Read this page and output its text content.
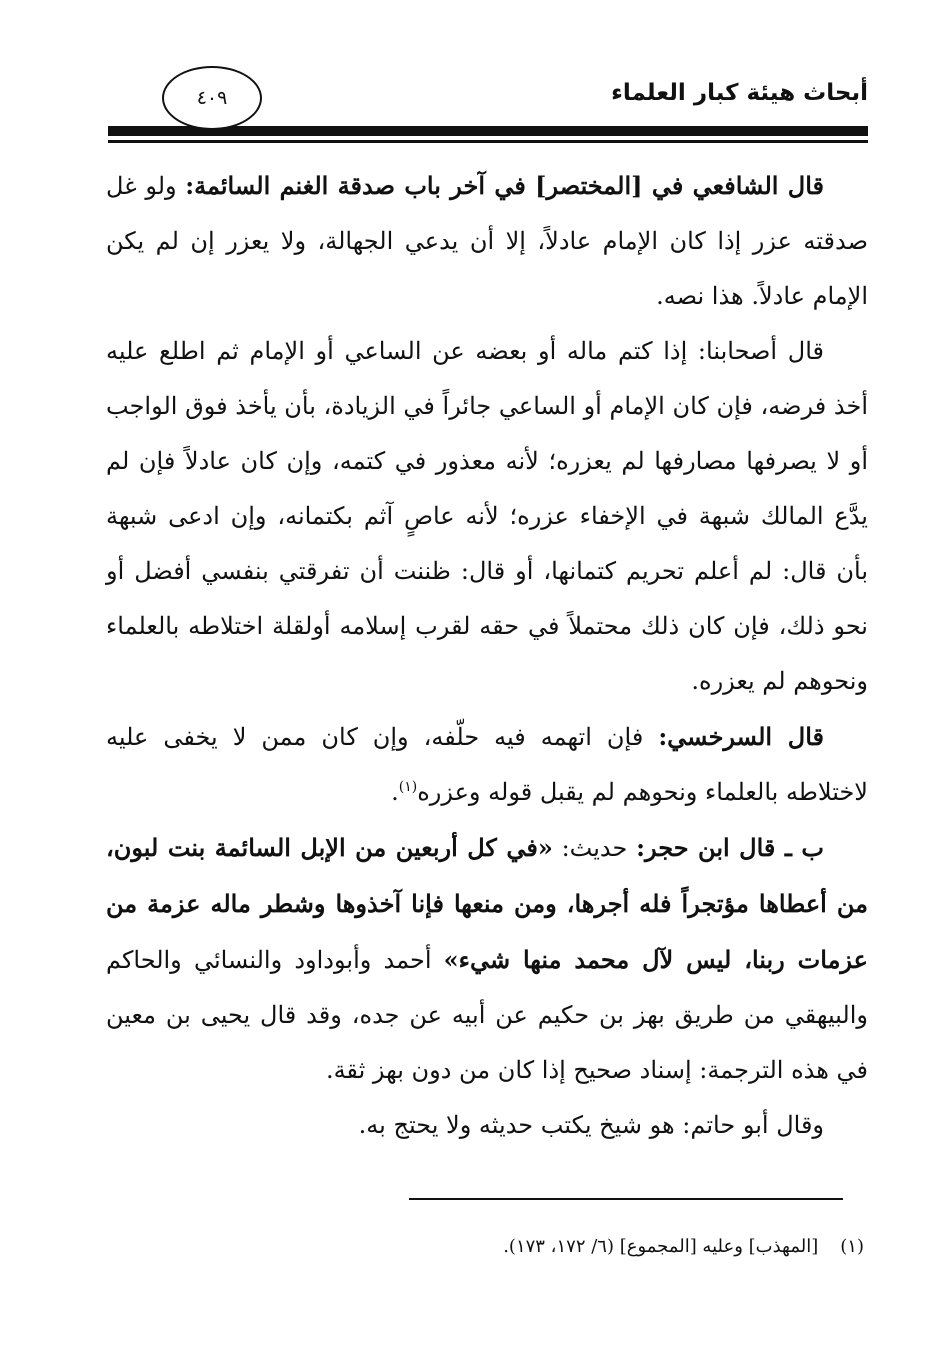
أبحاث هيئة كبار العلماء
٤٠٩

قال الشافعي في [المختصر] في آخر باب صدقة الغنم السائمة: ولو غل صدقته عزر إذا كان الإمام عادلاً، إلا أن يدعي الجهالة، ولا يعزر إن لم يكن الإمام عادلاً. هذا نصه.

قال أصحابنا: إذا كتم ماله أو بعضه عن الساعي أو الإمام ثم اطلع عليه أخذ فرضه، فإن كان الإمام أو الساعي جائراً في الزيادة، بأن يأخذ فوق الواجب أو لا يصرفها مصارفها لم يعزره؛ لأنه معذور في كتمه، وإن كان عادلاً فإن لم يدَّع المالك شبهة في الإخفاء عزره؛ لأنه عاصٍ آثم بكتمانه، وإن ادعى شبهة بأن قال: لم أعلم تحريم كتمانها، أو قال: ظننت أن تفرقتي بنفسي أفضل أو نحو ذلك، فإن كان ذلك محتملاً في حقه لقرب إسلامه أولقلة اختلاطه بالعلماء ونحوهم لم يعزره.

قال السرخسي: فإن اتهمه فيه حلّفه، وإن كان ممن لا يخفى عليه لاختلاطه بالعلماء ونحوهم لم يقبل قوله وعزره$^{(١)}$.

ب ـ قال ابن حجر: حديث: «في كل أربعين من الإبل السائمة بنت لبون، من أعطاها مؤتجراً فله أجرها، ومن منعها فإنا آخذوها وشطر ماله عزمة من عزمات ربنا، ليس لآل محمد منها شيء» أحمد وأبوداود والنسائي والحاكم والبيهقي من طريق بهز بن حكيم عن أبيه عن جده، وقد قال يحيى بن معين في هذه الترجمة: إسناد صحيح إذا كان من دون بهز ثقة.

وقال أبو حاتم: هو شيخ يكتب حديثه ولا يحتج به.

(١)[المهذب] وعليه [المجموع] (٦/ ١٧٢، ١٧٣).
